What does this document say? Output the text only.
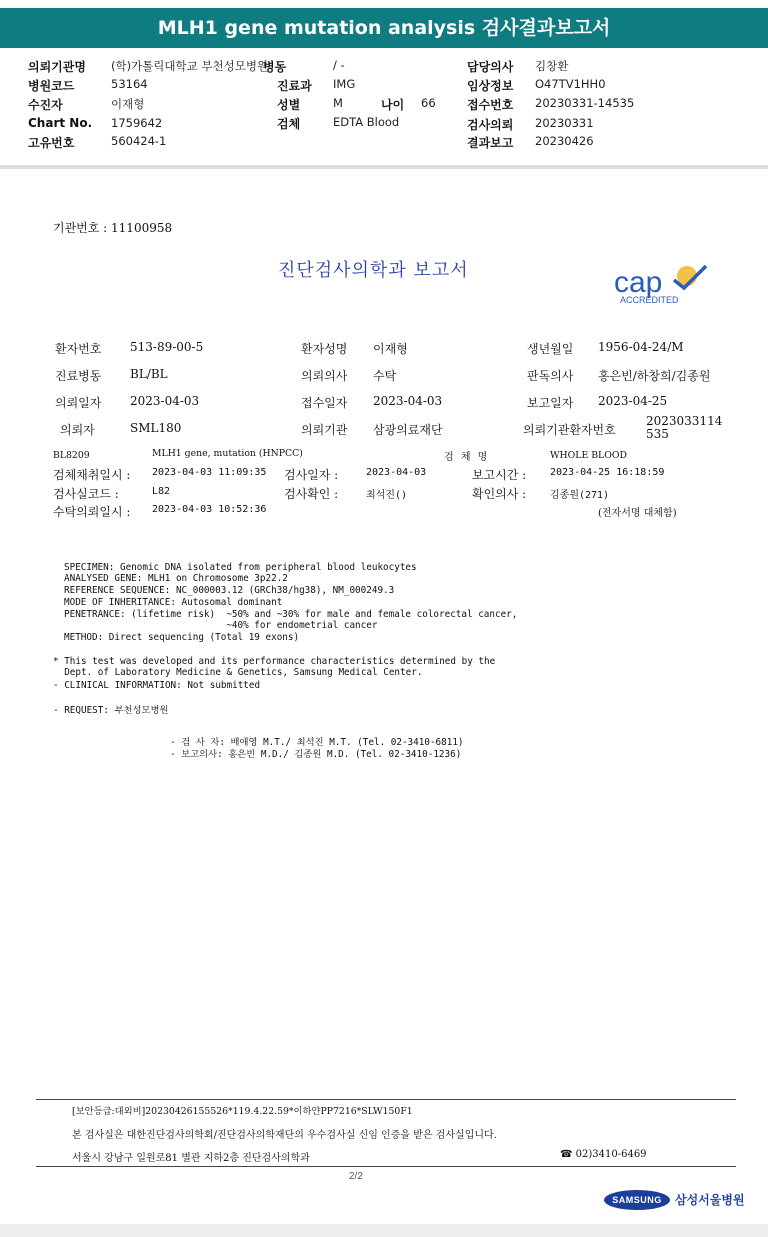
MLH1 gene mutation analysis 검사결과보고서
의뢰기관명 (학)가톨릭대학교 부천성모병원
병동	/ -	담당의사 김창환
병원코드	53164	진료과 IMG	임상정보 O47TV1HH0
수진자	이재형	성별	M	나이 66	접수번호 20230331-14535
Chart No. 1759642	검체	EDTA Blood	검사의뢰 20230331
고유번호	560424-1	결과보고 20230426
기관번호 : 11100958
진단검사의학과 보고서	cap
ACCREDITED
환자번호 513-89-00-5	환자성명 이재형	생년월일 1956-04-24/M
진료병동 BL/BL	의뢰의사 수탁	판독의사 홍은빈/하창희/김종원
의뢰일자 2023-04-03	접수일자 2023-04-03	보고일자 2023-04-25
의뢰자	SML180	의뢰기관 삼광의료재단	의뢰기관환자번호
2023033114535
BL8209	MLH1 gene, mutation (HNPCC)	검 체 명	WHOLE BLOOD
검체채취일시 : 2023-04-03 11:09:35 검사일자 :	2023-04-03	보고시간 : 2023-04-25 16:18:59
검사실코드 :	L82	검사확인 :	최석진()	확인의사 : 김종원(271)
수탁의뢰일시 : 2023-04-03 10:52:36	(전자서명 대체함)

SPECIMEN: Genomic DNA isolated from peripheral blood leukocytes
ANALYSED GENE: MLH1 on Chromosome 3p22.2
REFERENCE SEQUENCE: NC_000003.12 (GRCh38/hg38), NM_000249.3
MODE OF INHERITANCE: Autosomal dominant
PENETRANCE: (lifetime risk)  ~50% and ~30% for male and female colorectal cancer,
~40% for endometrial cancer
METHOD: Direct sequencing (Total 19 exons)

* This test was developed and its performance characteristics determined by the
Dept. of Laboratory Medicine & Genetics, Samsung Medical Center.

- CLINICAL INFORMATION: Not submitted
- REQUEST: 부천성모병원

- 검 사 자: 배애영 M.T./ 최석진 M.T. (Tel. 02-3410-6811)
- 보고의사: 홍은빈 M.D./ 김종원 M.D. (Tel. 02-3410-1236)

[보안등급:대외비]20230426155526*119.4.22.59*이하얀PP7216*SLW150F1
본 검사실은 대한진단검사의학회/진단검사의학재단의 우수검사실 신임 인증을 받은 검사실입니다.
서울시 강남구 일원로81 별관 지하2층 진단검사의학과	☎ 02)3410-6469
2/2
SAMSUNG	삼성서울병원
